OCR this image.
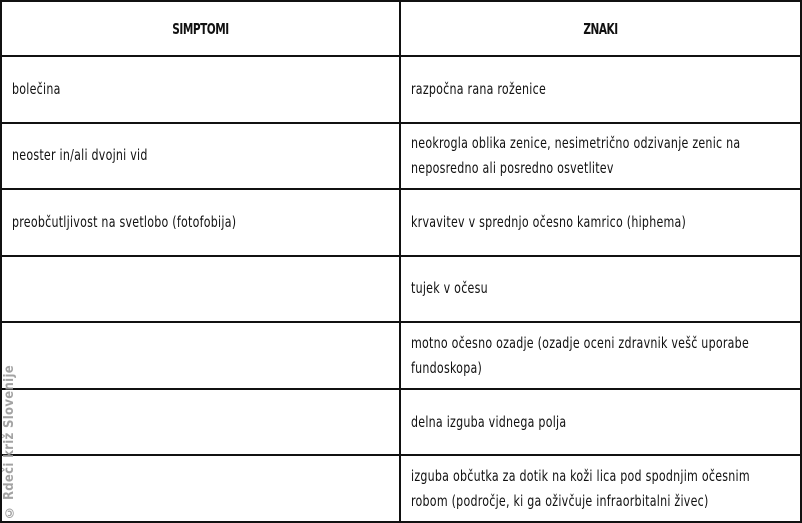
SIMPTOMI	ZNAKI
bolečina	razpočna rana roženice
neoster in/ali dvojni vid	neokrogla oblika zenice, nesimetrično odzivanje zenic na neposredno ali posredno osvetlitev
preobčutljivost na svetlobo (fotofobija)	krvavitev v sprednjo očesno kamrico (hiphema)
	tujek v očesu
	motno očesno ozadje (ozadje oceni zdravnik vešč uporabe fundoskopa)
	delna izguba vidnega polja
	izguba občutka za dotik na koži lica pod spodnjim očesnim robom (področje, ki ga oživčuje infraorbitalni živec)
© Rdeči križ Slovenije
